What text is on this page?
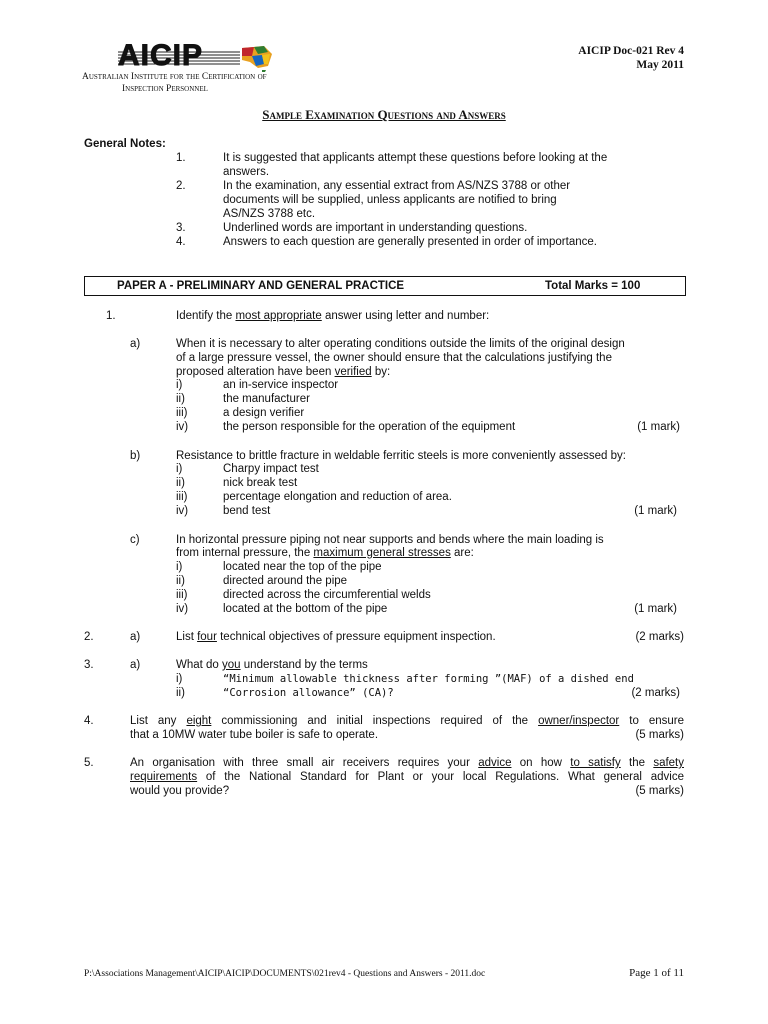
AICIP
Australian Institute for the Certification of
Inspection Personnel
AICIP Doc-021 Rev 4
May 2011
Sample Examination Questions and Answers
General Notes:
1.	It is suggested that applicants attempt these questions before looking at the
answers.
2.	In the examination, any essential extract from AS/NZS 3788 or other
documents will be supplied, unless applicants are notified to bring
AS/NZS 3788 etc.
3.	Underlined words are important in understanding questions.
4.	Answers to each question are generally presented in order of importance.
PAPER A - PRELIMINARY AND GENERAL PRACTICE	Total Marks = 100
1.	Identify the most appropriate answer using letter and number:
a)	When it is necessary to alter operating conditions outside the limits of the original design
of a large pressure vessel, the owner should ensure that the calculations justifying the
proposed alteration have been verified by:
i)	an in-service inspector
ii)	the manufacturer
iii)	a design verifier
iv)	the person responsible for the operation of the equipment	(1 mark)
b)	Resistance to brittle fracture in weldable ferritic steels is more conveniently assessed by:
i)	Charpy impact test
ii)	nick break test
iii)	percentage elongation and reduction of area.
iv)	bend test	(1 mark)
c)	In horizontal pressure piping not near supports and bends where the main loading is
from internal pressure, the maximum general stresses are:
i)	located near the top of the pipe
ii)	directed around the pipe
iii)	directed across the circumferential welds
iv)	located at the bottom of the pipe	(1 mark)
2.	a)	List four technical objectives of pressure equipment inspection.	(2 marks)
3.	a)	What do you understand by the terms
i)	“Minimum allowable thickness after forming ”(MAF) of a dished end
ii)	“Corrosion allowance” (CA)?	(2 marks)
4.	List any eight commissioning and initial inspections required of the owner/inspector to ensure
that a 10MW water tube boiler is safe to operate.	(5 marks)
5.	An organisation with three small air receivers requires your advice on how to satisfy the safety
requirements of the National Standard for Plant or your local Regulations. What general advice
would you provide?	(5 marks)
P:\Associations Management\AICIP\AICIP\DOCUMENTS\021rev4 - Questions and Answers - 2011.doc	Page 1 of 11
